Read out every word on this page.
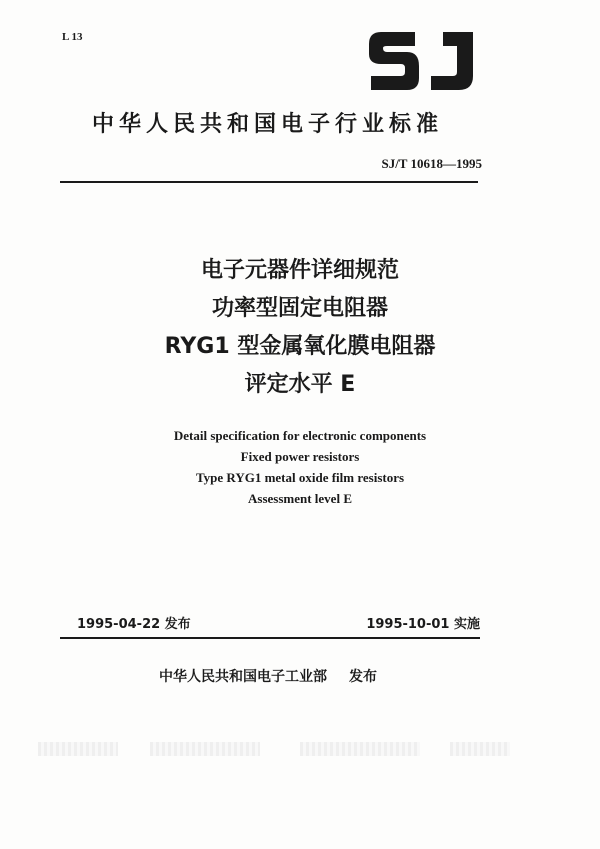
L 13
中华人民共和国电子行业标准
SJ/T 10618—1995
电子元器件详细规范
功率型固定电阻器
RYG1 型金属氧化膜电阻器
评定水平 E
Detail specification for electronic components
Fixed power resistors
Type RYG1 metal oxide film resistors
Assessment level E
1995-04-22 发布	1995-10-01 实施
中华人民共和国电子工业部 发布
